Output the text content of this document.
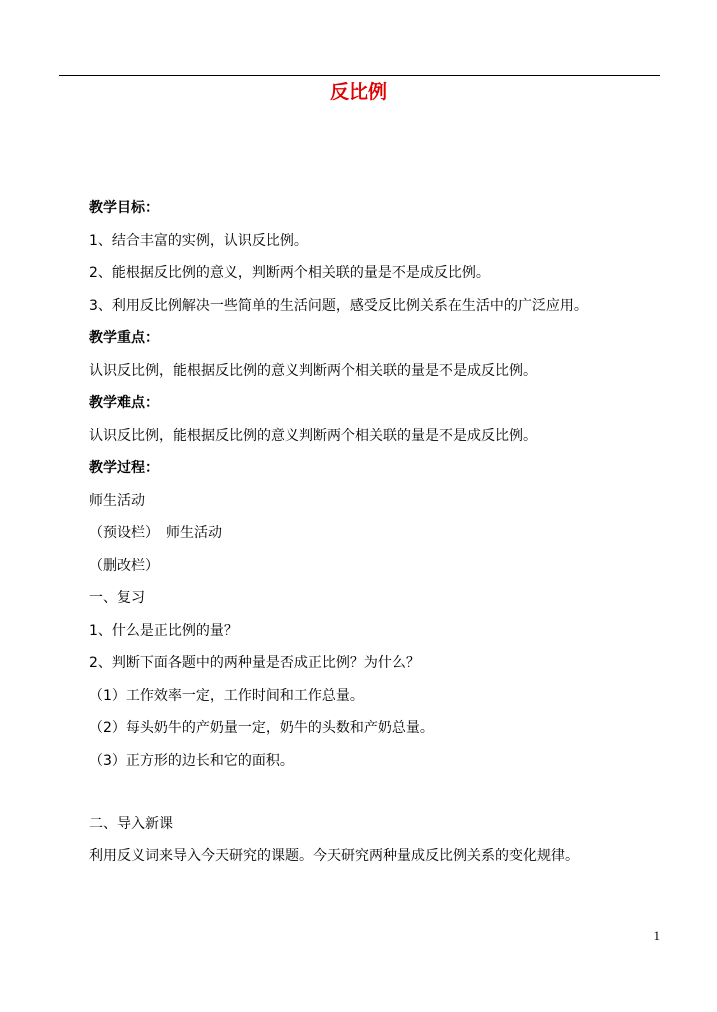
反比例
教学目标：
1、结合丰富的实例，认识反比例。
2、能根据反比例的意义，判断两个相关联的量是不是成反比例。
3、利用反比例解决一些简单的生活问题，感受反比例关系在生活中的广泛应用。
教学重点：
认识反比例，能根据反比例的意义判断两个相关联的量是不是成反比例。
教学难点：
认识反比例，能根据反比例的意义判断两个相关联的量是不是成反比例。
教学过程：
师生活动
（预设栏）　师生活动
（删改栏）
一、复习
1、什么是正比例的量？
2、判断下面各题中的两种量是否成正比例？为什么？
（1）工作效率一定，工作时间和工作总量。
（2）每头奶牛的产奶量一定，奶牛的头数和产奶总量。
（3）正方形的边长和它的面积。
二、导入新课
利用反义词来导入今天研究的课题。今天研究两种量成反比例关系的变化规律。
1
